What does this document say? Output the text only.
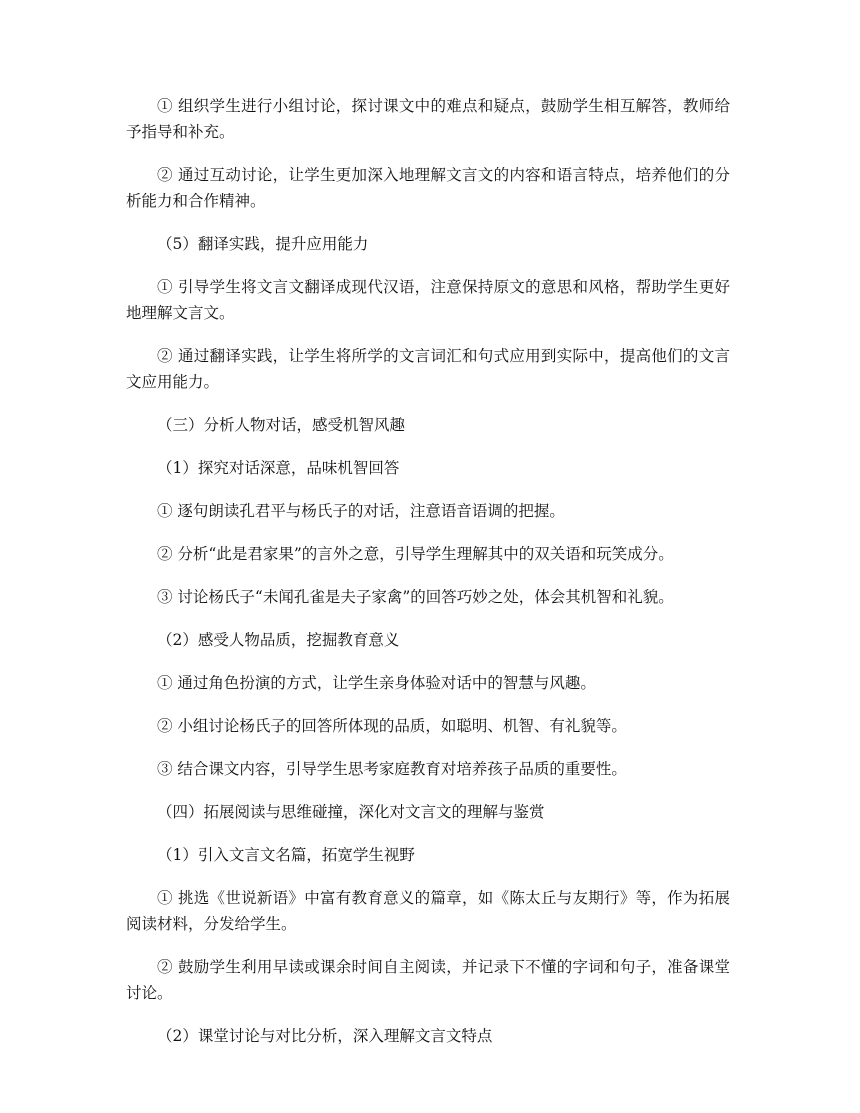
① 组织学生进行小组讨论，探讨课文中的难点和疑点，鼓励学生相互解答，教师给予指导和补充。

② 通过互动讨论，让学生更加深入地理解文言文的内容和语言特点，培养他们的分析能力和合作精神。

（5）翻译实践，提升应用能力

① 引导学生将文言文翻译成现代汉语，注意保持原文的意思和风格，帮助学生更好地理解文言文。

② 通过翻译实践，让学生将所学的文言词汇和句式应用到实际中，提高他们的文言文应用能力。

（三）分析人物对话，感受机智风趣

（1）探究对话深意，品味机智回答

① 逐句朗读孔君平与杨氏子的对话，注意语音语调的把握。

② 分析“此是君家果”的言外之意，引导学生理解其中的双关语和玩笑成分。

③ 讨论杨氏子“未闻孔雀是夫子家禽”的回答巧妙之处，体会其机智和礼貌。

（2）感受人物品质，挖掘教育意义

① 通过角色扮演的方式，让学生亲身体验对话中的智慧与风趣。

② 小组讨论杨氏子的回答所体现的品质，如聪明、机智、有礼貌等。

③ 结合课文内容，引导学生思考家庭教育对培养孩子品质的重要性。

（四）拓展阅读与思维碰撞，深化对文言文的理解与鉴赏

（1）引入文言文名篇，拓宽学生视野

① 挑选《世说新语》中富有教育意义的篇章，如《陈太丘与友期行》等，作为拓展阅读材料，分发给学生。

② 鼓励学生利用早读或课余时间自主阅读，并记录下不懂的字词和句子，准备课堂讨论。

（2）课堂讨论与对比分析，深入理解文言文特点
